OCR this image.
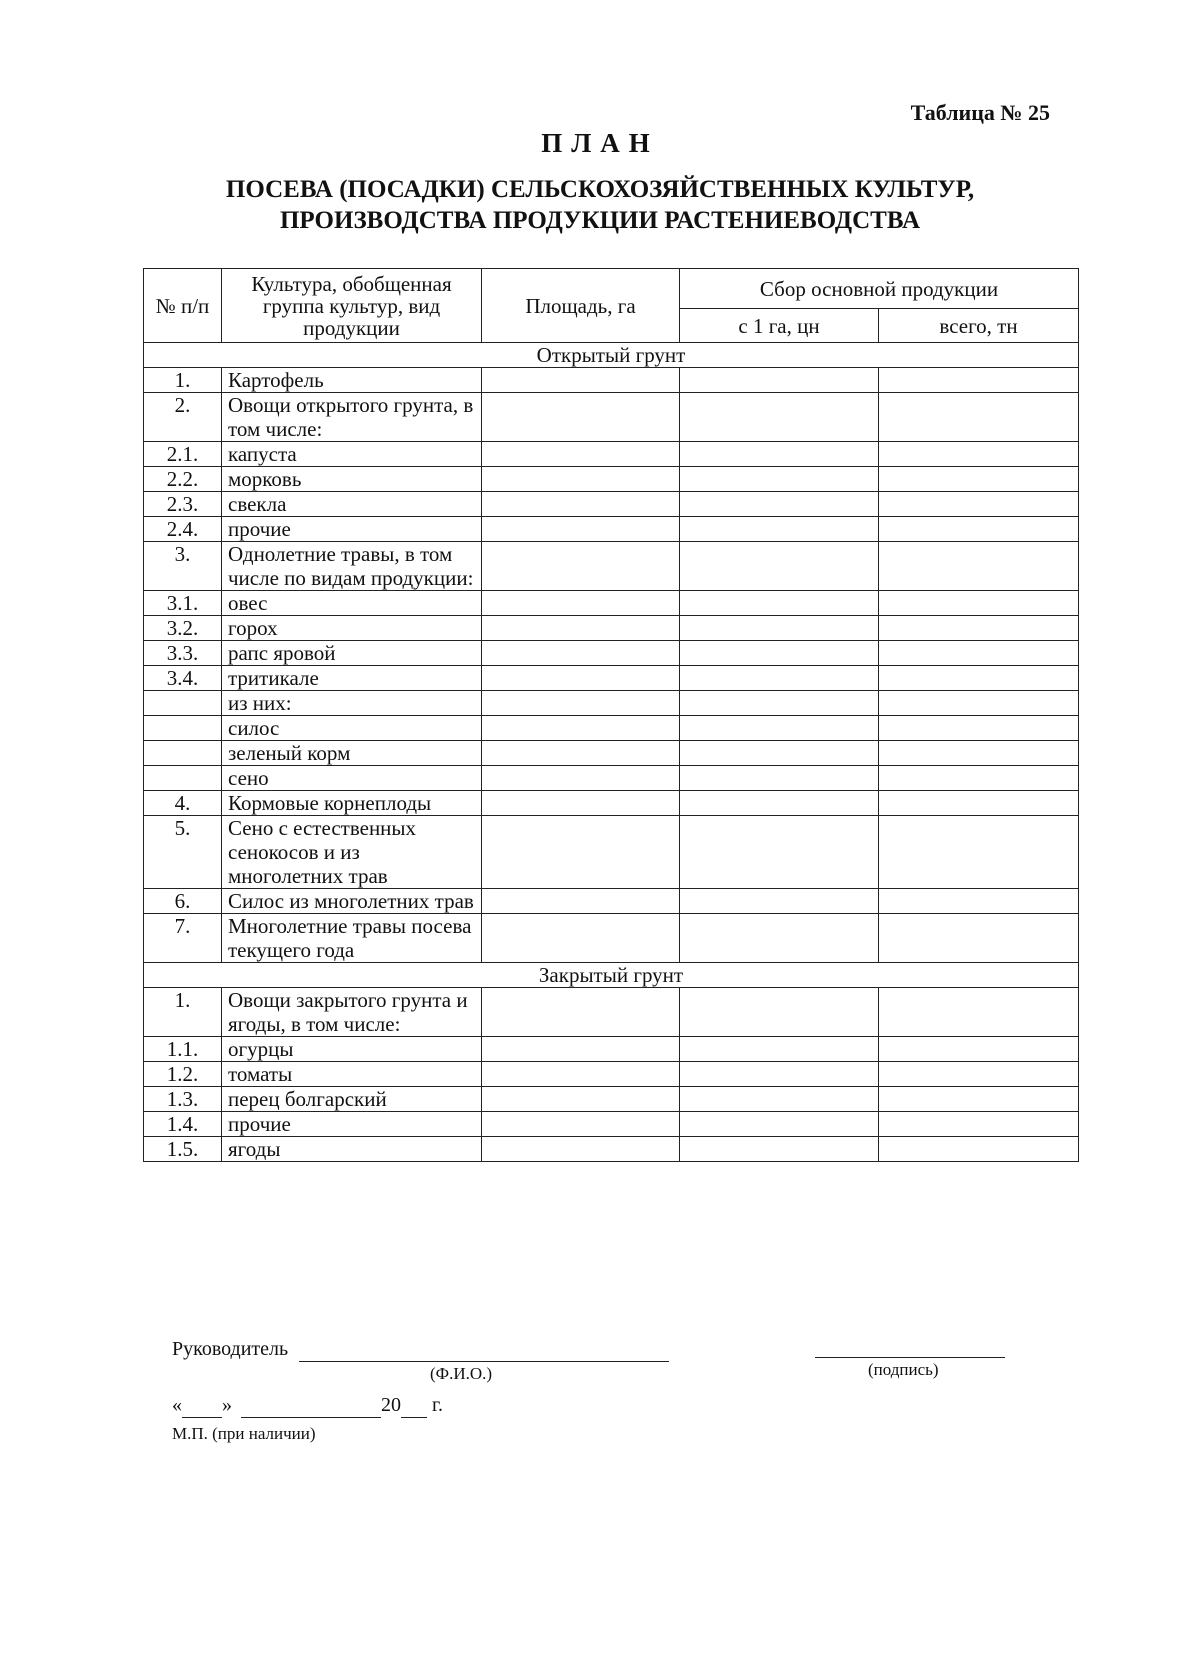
Таблица № 25
ПЛАН
ПОСЕВА (ПОСАДКИ) СЕЛЬСКОХОЗЯЙСТВЕННЫХ КУЛЬТУР,
ПРОИЗВОДСТВА ПРОДУКЦИИ РАСТЕНИЕВОДСТВА
№ п/п	Культура, обобщенная группа культур, вид продукции	Площадь, га	Сбор основной продукции	
			с 1 га, цн	всего, тн
Открытый грунт				
1.	Картофель			
2.	Овощи открытого грунта, в том числе:			
2.1.	капуста			
2.2.	морковь			
2.3.	свекла			
2.4.	прочие			
3.	Однолетние травы, в том числе по видам продукции:			
3.1.	овес			
3.2.	горох			
3.3.	рапс яровой			
3.4.	тритикале			
	из них:			
	силос			
	зеленый корм			
	сено			
4.	Кормовые корнеплоды			
5.	Сено с естественных сенокосов и из многолетних трав			
6.	Силос из многолетних трав			
7.	Многолетние травы посева текущего года			
Закрытый грунт				
1.	Овощи закрытого грунта и ягоды, в том числе:			
1.1.	огурцы			
1.2.	томаты			
1.3.	перец болгарский			
1.4.	прочие			
1.5.	ягоды			
Руководитель

(Ф.И.О.)	(подпись)
« »	20 г.
М.П. (при наличии)
